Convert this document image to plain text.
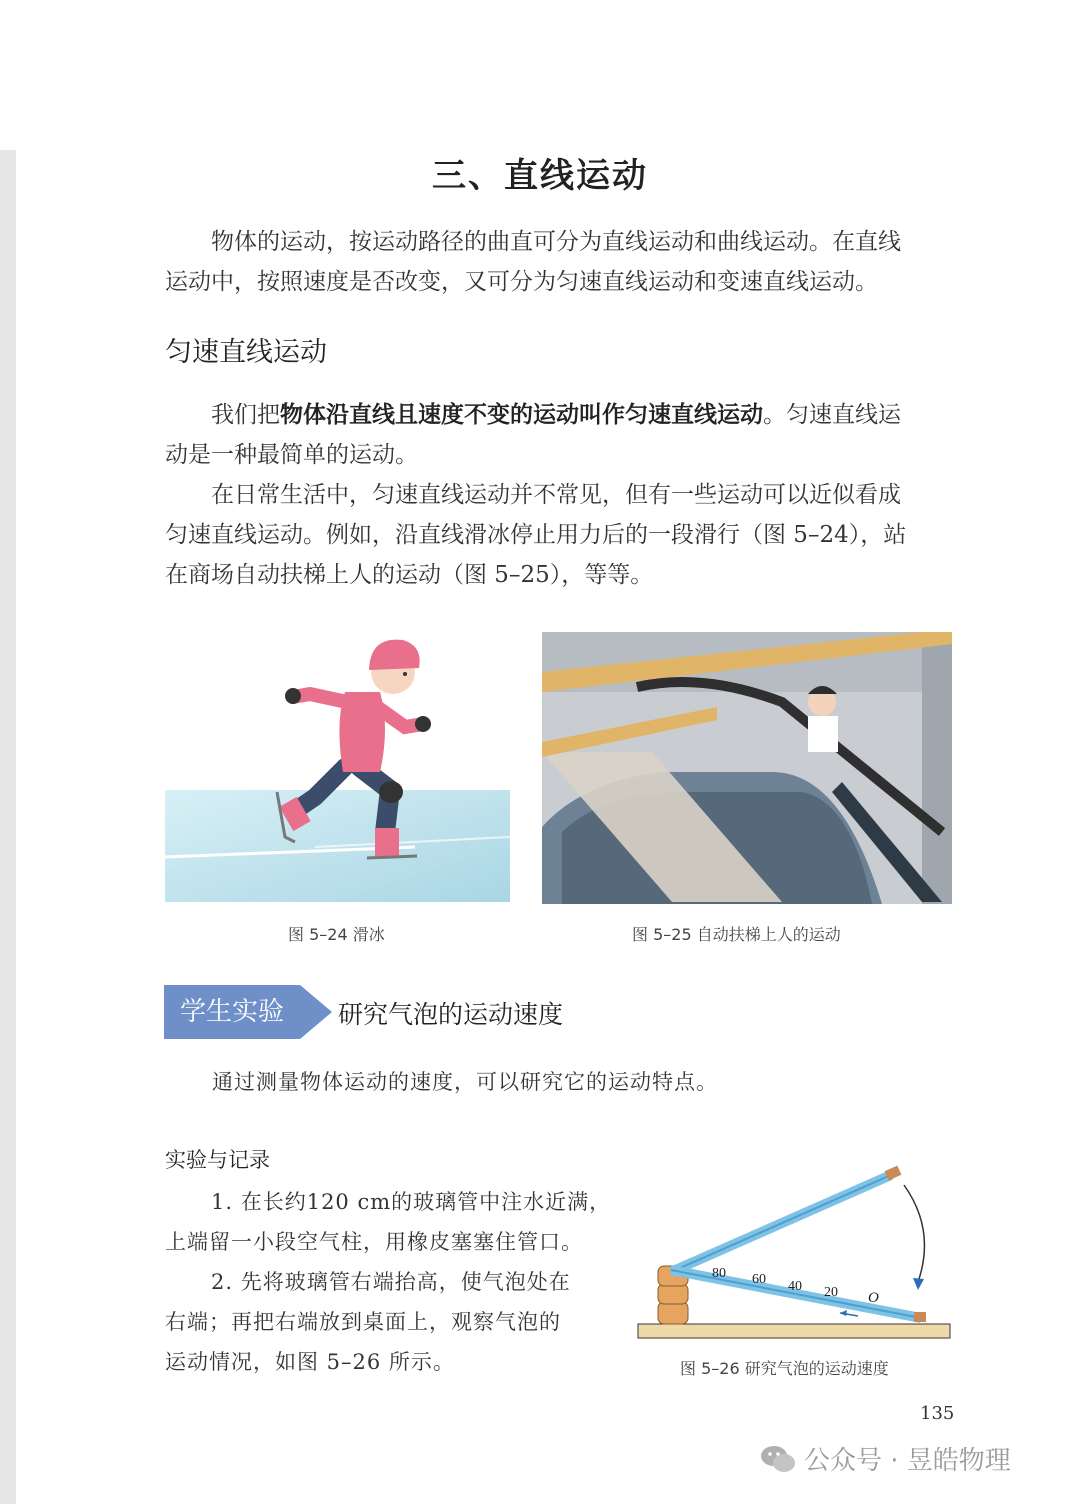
三、直线运动
物体的运动，按运动路径的曲直可分为直线运动和曲线运动。在直线
运动中，按照速度是否改变，又可分为匀速直线运动和变速直线运动。
匀速直线运动
我们把物体沿直线且速度不变的运动叫作匀速直线运动。匀速直线运
动是一种最简单的运动。
在日常生活中，匀速直线运动并不常见，但有一些运动可以近似看成
匀速直线运动。例如，沿直线滑冰停止用力后的一段滑行（图 5–24），站
在商场自动扶梯上人的运动（图 5–25），等等。
图 5–24 滑冰	图 5–25 自动扶梯上人的运动
学生实验	研究气泡的运动速度
通过测量物体运动的速度，可以研究它的运动特点。
实验与记录
1. 在长约120 cm的玻璃管中注水近满，
上端留一小段空气柱，用橡皮塞塞住管口。
2. 先将玻璃管右端抬高，使气泡处在
右端；再把右端放到桌面上，观察气泡的
运动情况，如图 5–26 所示。
80 60 40 20 O
图 5–26 研究气泡的运动速度
135
公众号 · 昱皓物理
